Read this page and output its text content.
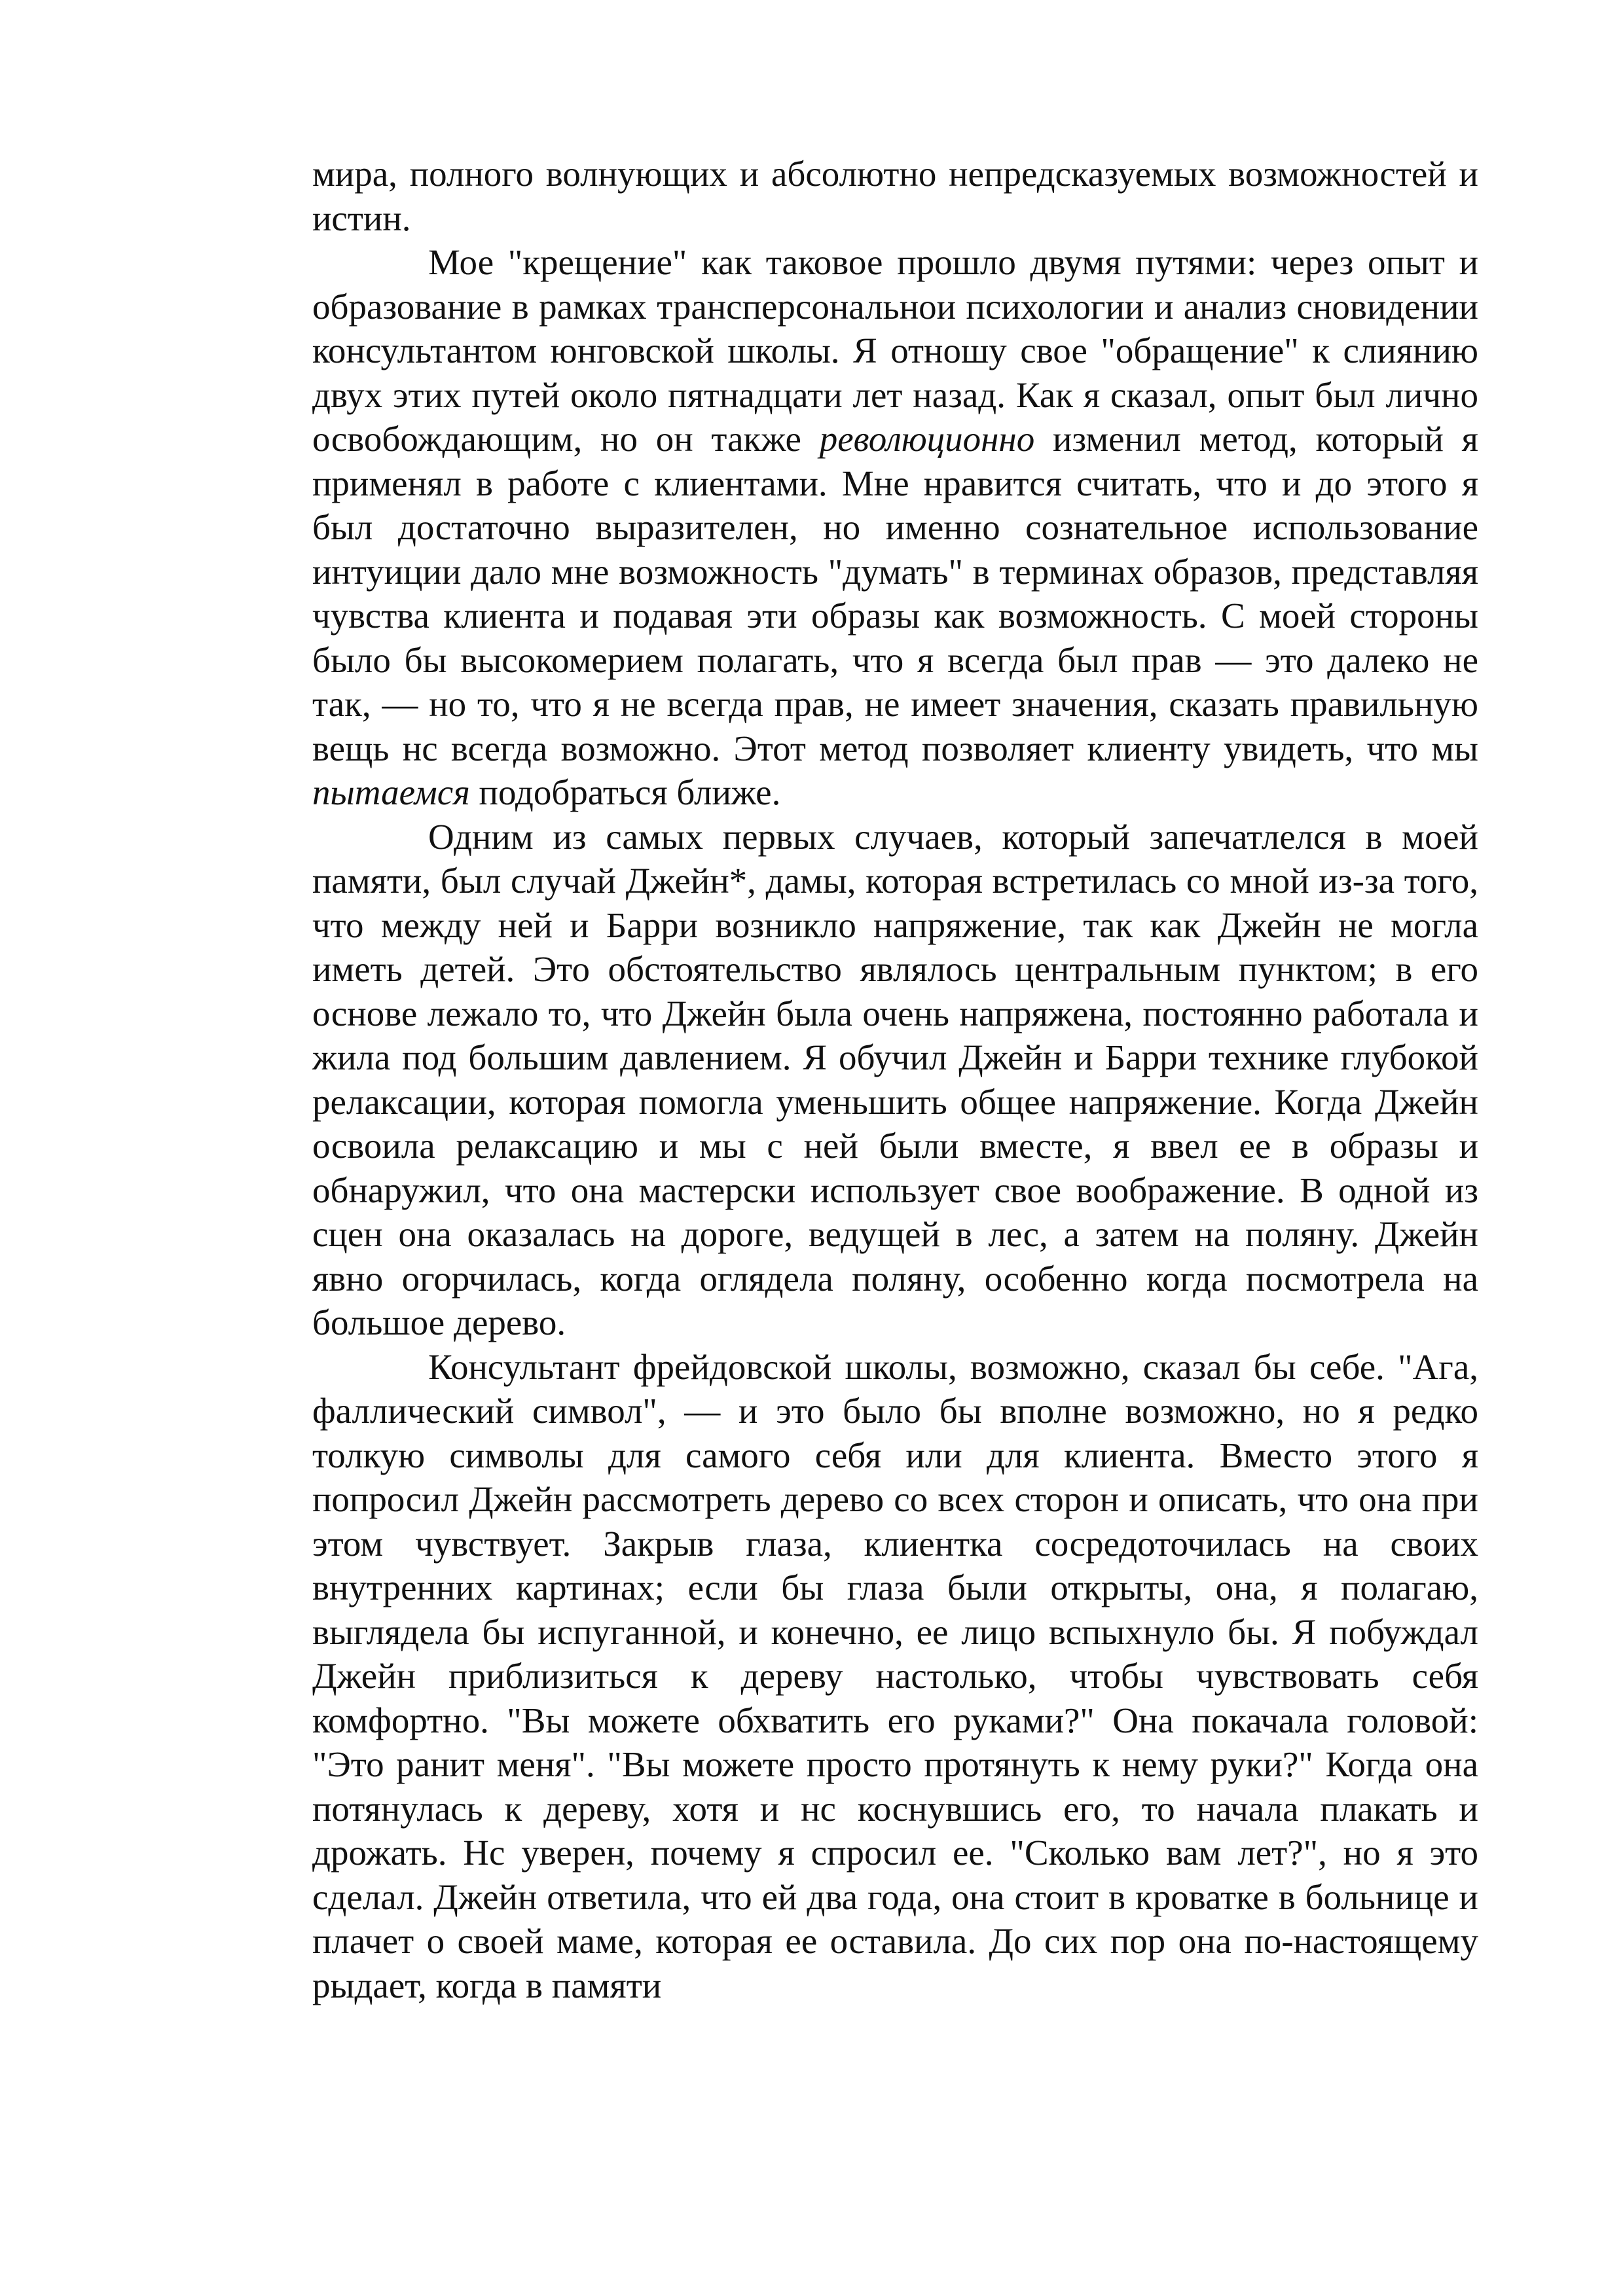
мира, полного волнующих и абсолютно непредсказуемых возможностей и истин.

Мое "крещение" как таковое прошло двумя путями: через опыт и образование в рамках трансперсональнои психологии и анализ сновидении консультантом юнговской школы. Я отношу свое "обращение" к слиянию двух этих путей около пятнадцати лет назад. Как я сказал, опыт был лично освобождающим, но он также революционно изменил метод, который я применял в работе с клиентами. Мне нравится считать, что и до этого я был достаточно выразителен, но именно сознательное использование интуиции дало мне возможность "думать" в терминах образов, представляя чувства клиента и подавая эти образы как возможность. С моей стороны было бы высокомерием полагать, что я всегда был прав — это далеко не так, — но то, что я не всегда прав, не имеет значения, сказать правильную вещь нс всегда возможно. Этот метод позволяет клиенту увидеть, что мы пытаемся подобраться ближе.

Одним из самых первых случаев, который запечатлелся в моей памяти, был случай Джейн*, дамы, которая встретилась со мной из-за того, что между ней и Барри возникло напряжение, так как Джейн не могла иметь детей. Это обстоятельство являлось центральным пунктом; в его основе лежало то, что Джейн была очень напряжена, постоянно работала и жила под большим давлением. Я обучил Джейн и Барри технике глубокой релаксации, которая помогла уменьшить общее напряжение. Когда Джейн освоила релаксацию и мы с ней были вместе, я ввел ее в образы и обнаружил, что она мастерски использует свое воображение. В одной из сцен она оказалась на дороге, ведущей в лес, а затем на поляну. Джейн явно огорчилась, когда оглядела поляну, особенно когда посмотрела на большое дерево.

Консультант фрейдовской школы, возможно, сказал бы себе. "Ага, фаллический символ", — и это было бы вполне возможно, но я редко толкую символы для самого себя или для клиента. Вместо этого я попросил Джейн рассмотреть дерево со всех сторон и описать, что она при этом чувствует. Закрыв глаза, клиентка сосредоточилась на своих внутренних картинах; если бы глаза были открыты, она, я полагаю, выглядела бы испуганной, и конечно, ее лицо вспыхнуло бы. Я побуждал Джейн приблизиться к дереву настолько, чтобы чувствовать себя комфортно. "Вы можете обхватить его руками?" Она покачала головой: "Это ранит меня". "Вы можете просто протянуть к нему руки?" Когда она потянулась к дереву, хотя и нс коснувшись его, то начала плакать и дрожать. Нс уверен, почему я спросил ее. "Сколько вам лет?", но я это сделал. Джейн ответила, что ей два года, она стоит в кроватке в больнице и плачет о своей маме, которая ее оставила. До сих пор она по-настоящему рыдает, когда в памяти
